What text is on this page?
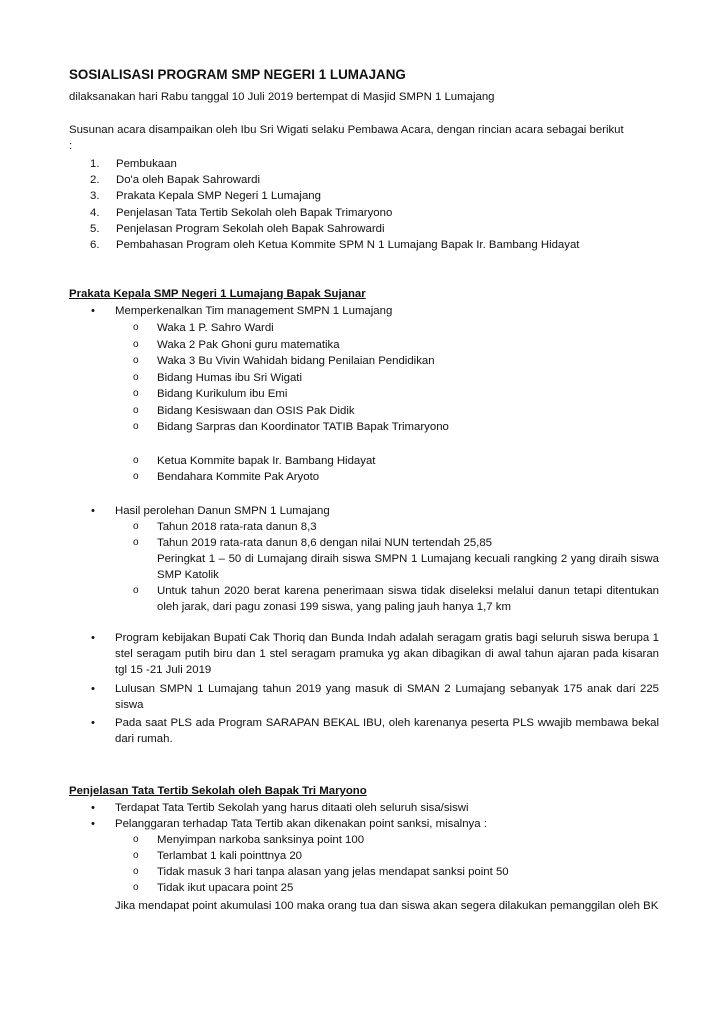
SOSIALISASI PROGRAM SMP NEGERI 1 LUMAJANG
dilaksanakan hari Rabu tanggal 10 Juli 2019 bertempat di Masjid SMPN 1 Lumajang
Susunan acara disampaikan oleh Ibu Sri Wigati selaku Pembawa Acara, dengan rincian acara sebagai berikut
:
1. Pembukaan
2. Do'a oleh Bapak Sahrowardi
3. Prakata Kepala SMP Negeri 1 Lumajang
4. Penjelasan Tata Tertib Sekolah oleh Bapak Trimaryono
5. Penjelasan Program Sekolah oleh Bapak Sahrowardi
6. Pembahasan Program oleh Ketua Kommite SPM N 1 Lumajang Bapak Ir. Bambang Hidayat
Prakata Kepala SMP Negeri 1 Lumajang Bapak Sujanar
• Memperkenalkan Tim management SMPN 1 Lumajang
o Waka 1 P. Sahro Wardi
o Waka 2 Pak Ghoni guru matematika
o Waka 3 Bu Vivin Wahidah bidang Penilaian Pendidikan
o Bidang Humas ibu Sri Wigati
o Bidang Kurikulum ibu Emi
o Bidang Kesiswaan dan OSIS Pak Didik
o Bidang Sarpras dan Koordinator TATIB Bapak Trimaryono
o Ketua Kommite bapak Ir. Bambang Hidayat
o Bendahara Kommite Pak Aryoto
• Hasil perolehan Danun SMPN 1 Lumajang
o Tahun 2018 rata-rata danun 8,3
o Tahun 2019 rata-rata danun 8,6 dengan nilai NUN tertendah 25,85
Peringkat 1 – 50 di Lumajang diraih siswa SMPN 1 Lumajang kecuali rangking 2 yang diraih siswa SMP Katolik
o Untuk tahun 2020 berat karena penerimaan siswa tidak diseleksi melalui danun tetapi ditentukan oleh jarak, dari pagu zonasi 199 siswa, yang paling jauh hanya 1,7 km
• Program kebijakan Bupati Cak Thoriq dan Bunda Indah adalah seragam gratis bagi seluruh siswa berupa 1 stel seragam putih biru dan 1 stel seragam pramuka yg akan dibagikan di awal tahun ajaran pada kisaran tgl 15 -21 Juli 2019
• Lulusan SMPN 1 Lumajang tahun 2019 yang masuk di SMAN 2 Lumajang sebanyak 175 anak dari 225 siswa
• Pada saat PLS ada Program SARAPAN BEKAL IBU, oleh karenanya peserta PLS wwajib membawa bekal dari rumah.
Penjelasan Tata Tertib Sekolah oleh Bapak Tri Maryono
• Terdapat Tata Tertib Sekolah yang harus ditaati oleh seluruh sisa/siswi
• Pelanggaran terhadap Tata Tertib akan dikenakan point sanksi, misalnya :
o Menyimpan narkoba sanksinya point 100
o Terlambat 1 kali pointtnya 20
o Tidak masuk 3 hari tanpa alasan yang jelas mendapat sanksi point 50
o Tidak ikut upacara point 25
Jika mendapat point akumulasi 100 maka orang tua dan siswa akan segera dilakukan pemanggilan oleh BK
